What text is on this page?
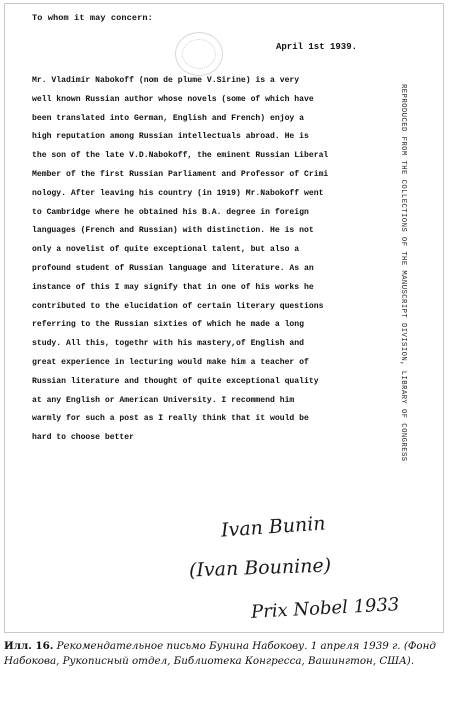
To whom it may concern:
April 1st 1939.
Mr. Vladimir Nabokoff (nom de plume V.Sirine) is a very
well known Russian author whose novels (some of which have
been translated into German, English and French) enjoy a
high reputation among Russian intellectuals abroad. He is
the son of the late V.D.Nabokoff, the eminent Russian Liberal
Member of the first Russian Parliament and Professor of Crimi
nology. After leaving his country (in 1919) Mr.Nabokoff went
to Cambridge where he obtained his B.A. degree in foreign
languages (French and Russian) with distinction. He is not
only a novelist of quite exceptional talent, but also a
profound student of Russian language and literature. As an
instance of this I may signify that in one of his works he
contributed to the elucidation of certain literary questions
referring to the Russian sixties of which he made a long
study. All this, togethr with his mastery,of English and
great experience in lecturing would make him a teacher of
Russian literature and thought of quite exceptional quality
at any English or American University. I recommend him
warmly for such a post as I really think that it would be
hard to choose better	REPRODUCED FROM THE COLLECTIONS OF THE MANUSCRIPT DIVISION, LIBRARY OF CONGRESS
Ivan Bunin
(Ivan Bounine)
Prix Nobel 1933

Илл. 16. Рекомендательное письмо Бунина Набокову. 1 апреля 1939 г. (Фонд Набокова, Рукописный отдел, Библиотека Конгресса, Вашингтон, США).
